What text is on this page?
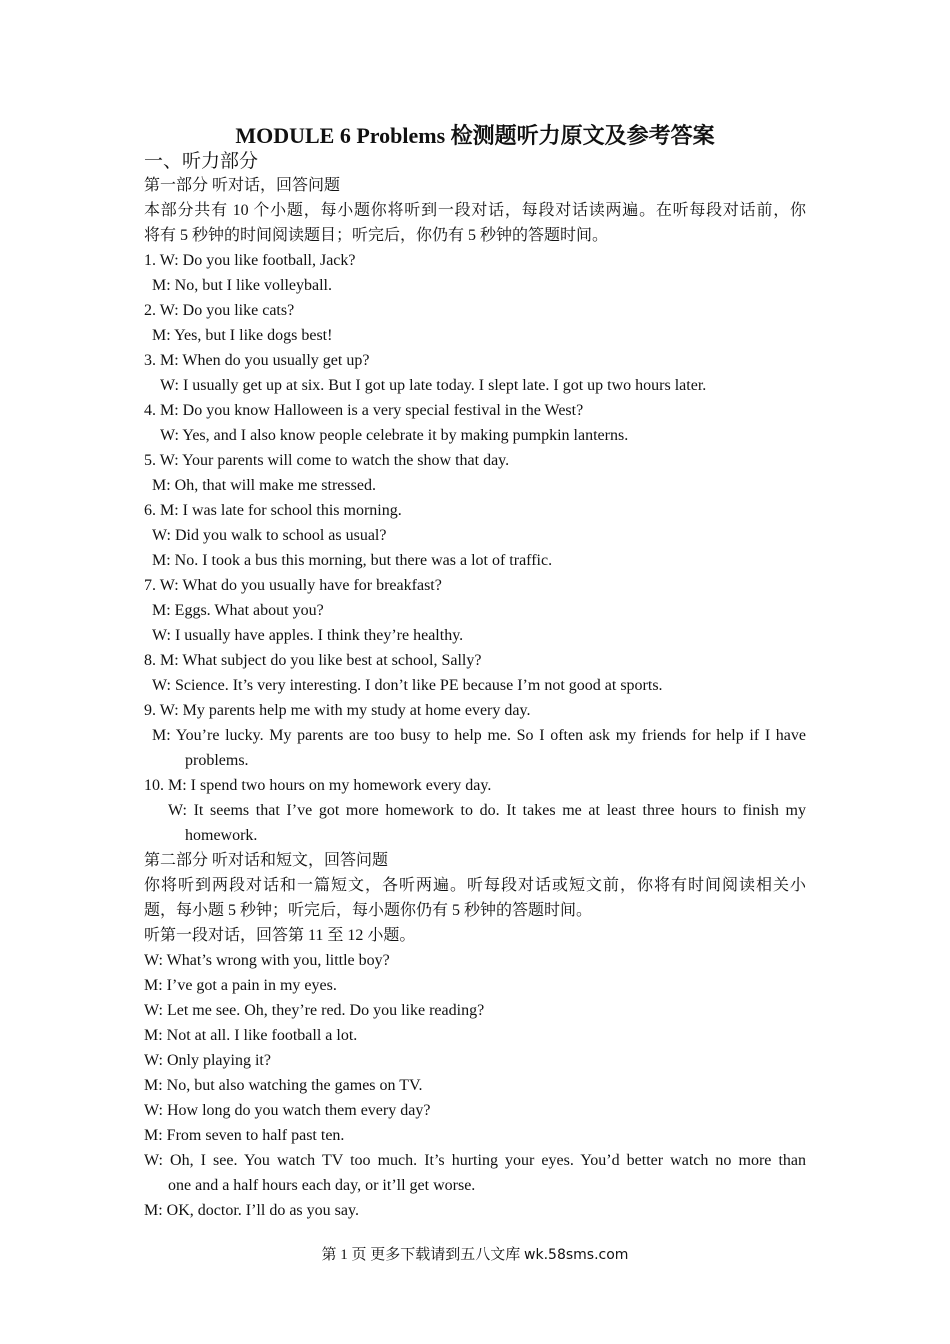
MODULE 6 Problems 检测题听力原文及参考答案
一、听力部分
第一部分 听对话，回答问题
本部分共有 10 个小题，每小题你将听到一段对话，每段对话读两遍。在听每段对话前，你
将有 5 秒钟的时间阅读题目；听完后，你仍有 5 秒钟的答题时间。
1. W: Do you like football, Jack?
M: No, but I like volleyball.
2. W: Do you like cats?
M: Yes, but I like dogs best!
3. M: When do you usually get up?
W: I usually get up at six. But I got up late today. I slept late. I got up two hours later.
4. M: Do you know Halloween is a very special festival in the West?
W: Yes, and I also know people celebrate it by making pumpkin lanterns.
5. W: Your parents will come to watch the show that day.
M: Oh, that will make me stressed.
6. M: I was late for school this morning.
W: Did you walk to school as usual?
M: No. I took a bus this morning, but there was a lot of traffic.
7. W: What do you usually have for breakfast?
M: Eggs. What about you?
W: I usually have apples. I think they’re healthy.
8. M: What subject do you like best at school, Sally?
W: Science. It’s very interesting. I don’t like PE because I’m not good at sports.
9. W: My parents help me with my study at home every day.
M: You’re lucky. My parents are too busy to help me. So I often ask my friends for help if I have
problems.
10. M: I spend two hours on my homework every day.
W: It seems that I’ve got more homework to do. It takes me at least three hours to finish my
homework.
第二部分 听对话和短文，回答问题
你将听到两段对话和一篇短文，各听两遍。听每段对话或短文前，你将有时间阅读相关小
题，每小题 5 秒钟；听完后，每小题你仍有 5 秒钟的答题时间。
听第一段对话，回答第 11 至 12 小题。
W: What’s wrong with you, little boy?
M: I’ve got a pain in my eyes.
W: Let me see. Oh, they’re red. Do you like reading?
M: Not at all. I like football a lot.
W: Only playing it?
M: No, but also watching the games on TV.
W: How long do you watch them every day?
M: From seven to half past ten.
W: Oh, I see. You watch TV too much. It’s hurting your eyes. You’d better watch no more than
one and a half hours each day, or it’ll get worse.
M: OK, doctor. I’ll do as you say.
第 1 页 更多下载请到五八文库 wk.58sms.com
